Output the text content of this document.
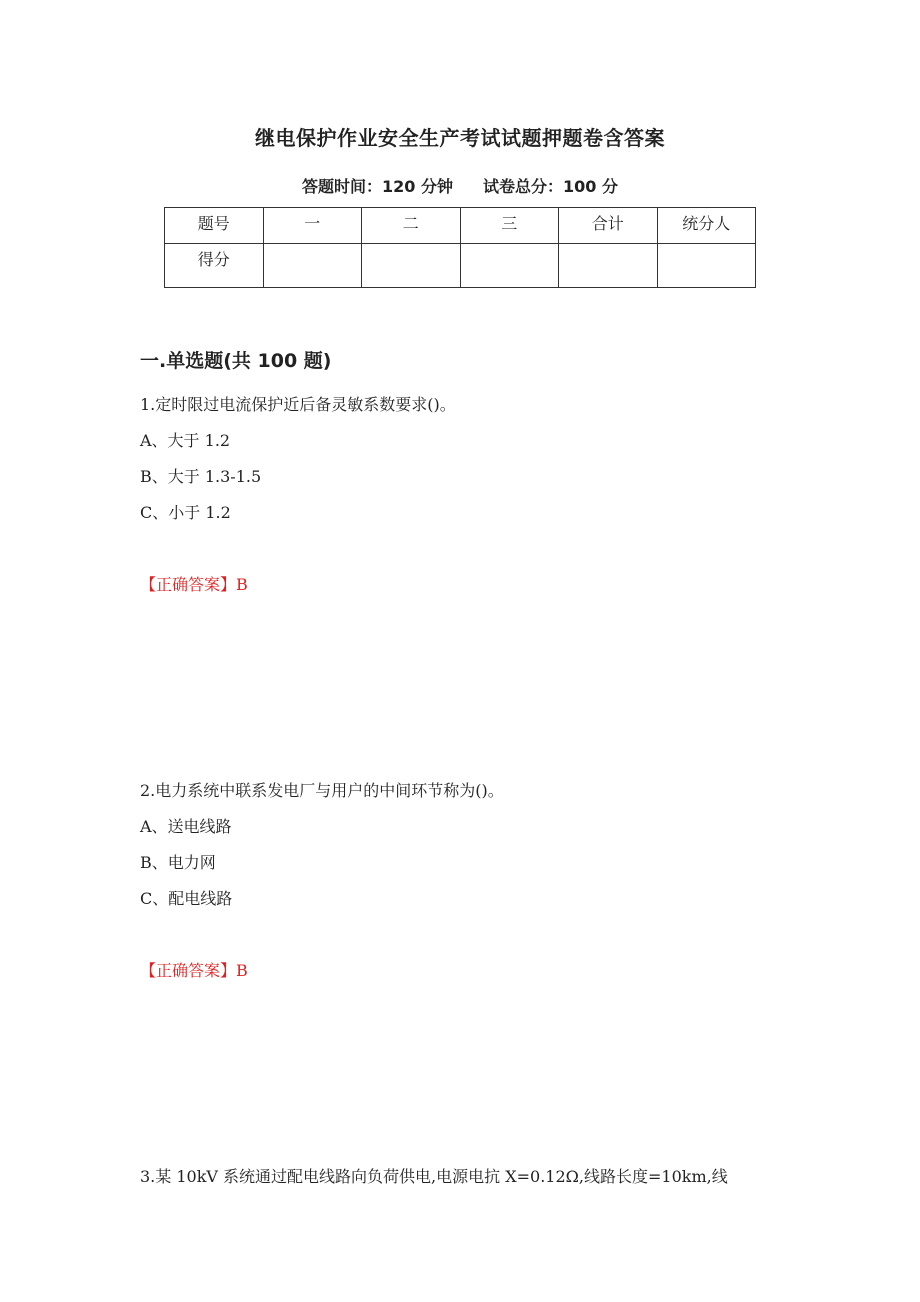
继电保护作业安全生产考试试题押题卷含答案
答题时间：120 分钟 试卷总分：100 分
题号	一	二	三	合计	统分人
得分					
一.单选题(共 100 题)
1.定时限过电流保护近后备灵敏系数要求()。
A、大于 1.2
B、大于 1.3-1.5
C、小于 1.2
【正确答案】B
2.电力系统中联系发电厂与用户的中间环节称为()。
A、送电线路
B、电力网
C、配电线路
【正确答案】B
3.某 10kV 系统通过配电线路向负荷供电,电源电抗 X=0.12Ω,线路长度=10km,线
